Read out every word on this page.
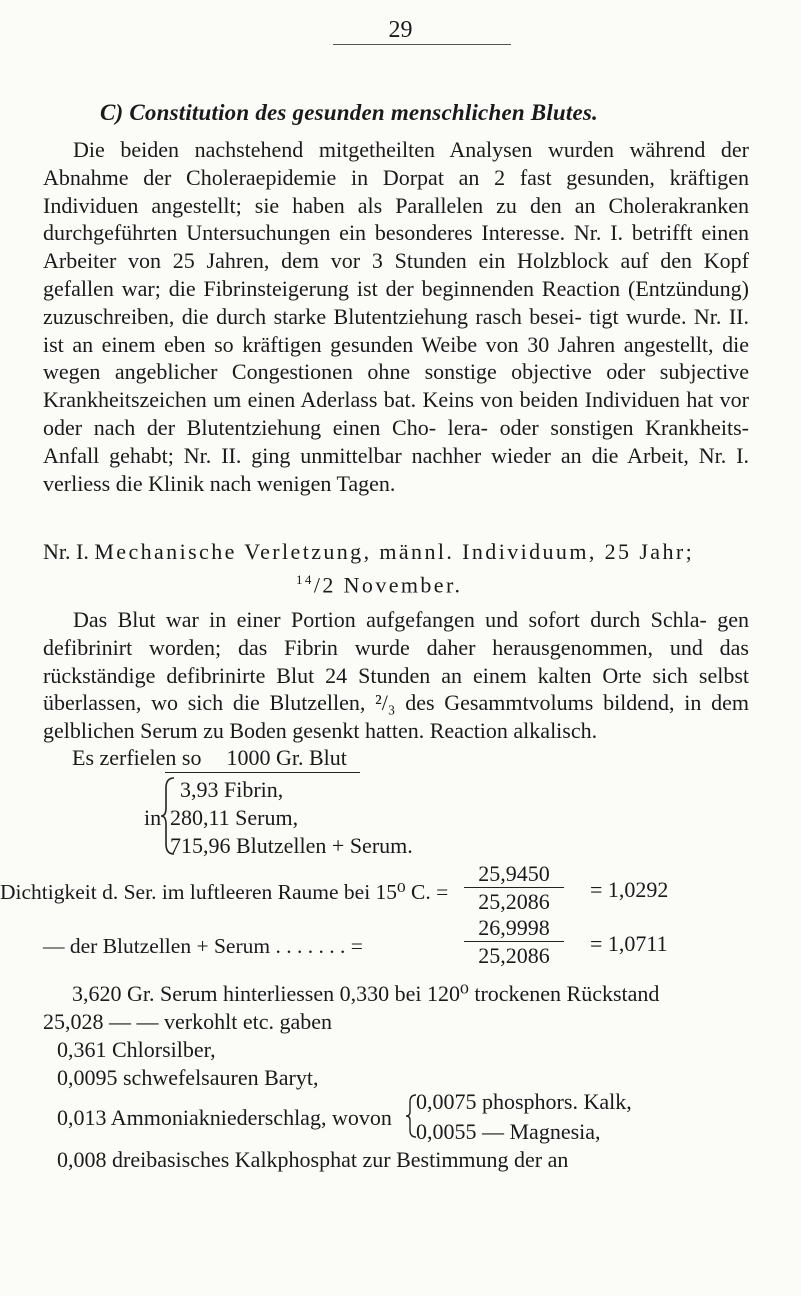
29
C) Constitution des gesunden menschlichen Blutes.

Die beiden nachstehend mitgetheilten Analysen wurden während der Abnahme der Choleraepidemie in Dorpat an 2 fast gesunden, kräftigen Individuen angestellt; sie haben als Parallelen zu den an Cholerakranken durchgeführten Untersuchungen ein besonderes Interesse. Nr. I. betrifft einen Arbeiter von 25 Jahren, dem vor 3 Stunden ein Holzblock auf den Kopf gefallen war; die Fibrinsteigerung ist der beginnenden Reaction (Entzündung) zuzuschreiben, die durch starke Blutentziehung rasch besei- tigt wurde. Nr. II. ist an einem eben so kräftigen gesunden Weibe von 30 Jahren angestellt, die wegen angeblicher Congestionen ohne sonstige objective oder subjective Krankheitszeichen um einen Aderlass bat. Keins von beiden Individuen hat vor oder nach der Blutentziehung einen Cho- lera- oder sonstigen Krankheits-Anfall gehabt; Nr. II. ging unmittelbar nachher wieder an die Arbeit, Nr. I. verliess die Klinik nach wenigen Tagen.

Nr. I. Mechanische Verletzung, männl. Individuum, 25 Jahr;
$^{14}$/2 November.

Das Blut war in einer Portion aufgefangen und sofort durch Schla- gen defibrinirt worden; das Fibrin wurde daher herausgenommen, und das rückständige defibrinirte Blut 24 Stunden an einem kalten Orte sich selbst überlassen, wo sich die Blutzellen, ²/₃ des Gesammtvolums bildend, in dem gelblichen Serum zu Boden gesenkt hatten. Reaction alkalisch.

Es zerfielen so 1000 Gr. Blut
in
3,93 Fibrin,
280,11 Serum,
715,96 Blutzellen + Serum.
Dichtigkeit d. Ser. im luftleeren Raume bei 15⁰ C. =
25,9450
25,2086	= 1,0292
— der Blutzellen + Serum . . . . . . . =
26,9998
25,2086	= 1,0711
3,620 Gr. Serum hinterliessen 0,330 bei 120⁰ trockenen Rückstand
25,028 — — verkohlt etc. gaben
0,361 Chlorsilber,
0,0095 schwefelsauren Baryt,
0,013 Ammoniakniederschlag, wovon
0,0075 phosphors. Kalk,
0,0055 — Magnesia,
0,008 dreibasisches Kalkphosphat zur Bestimmung der an
